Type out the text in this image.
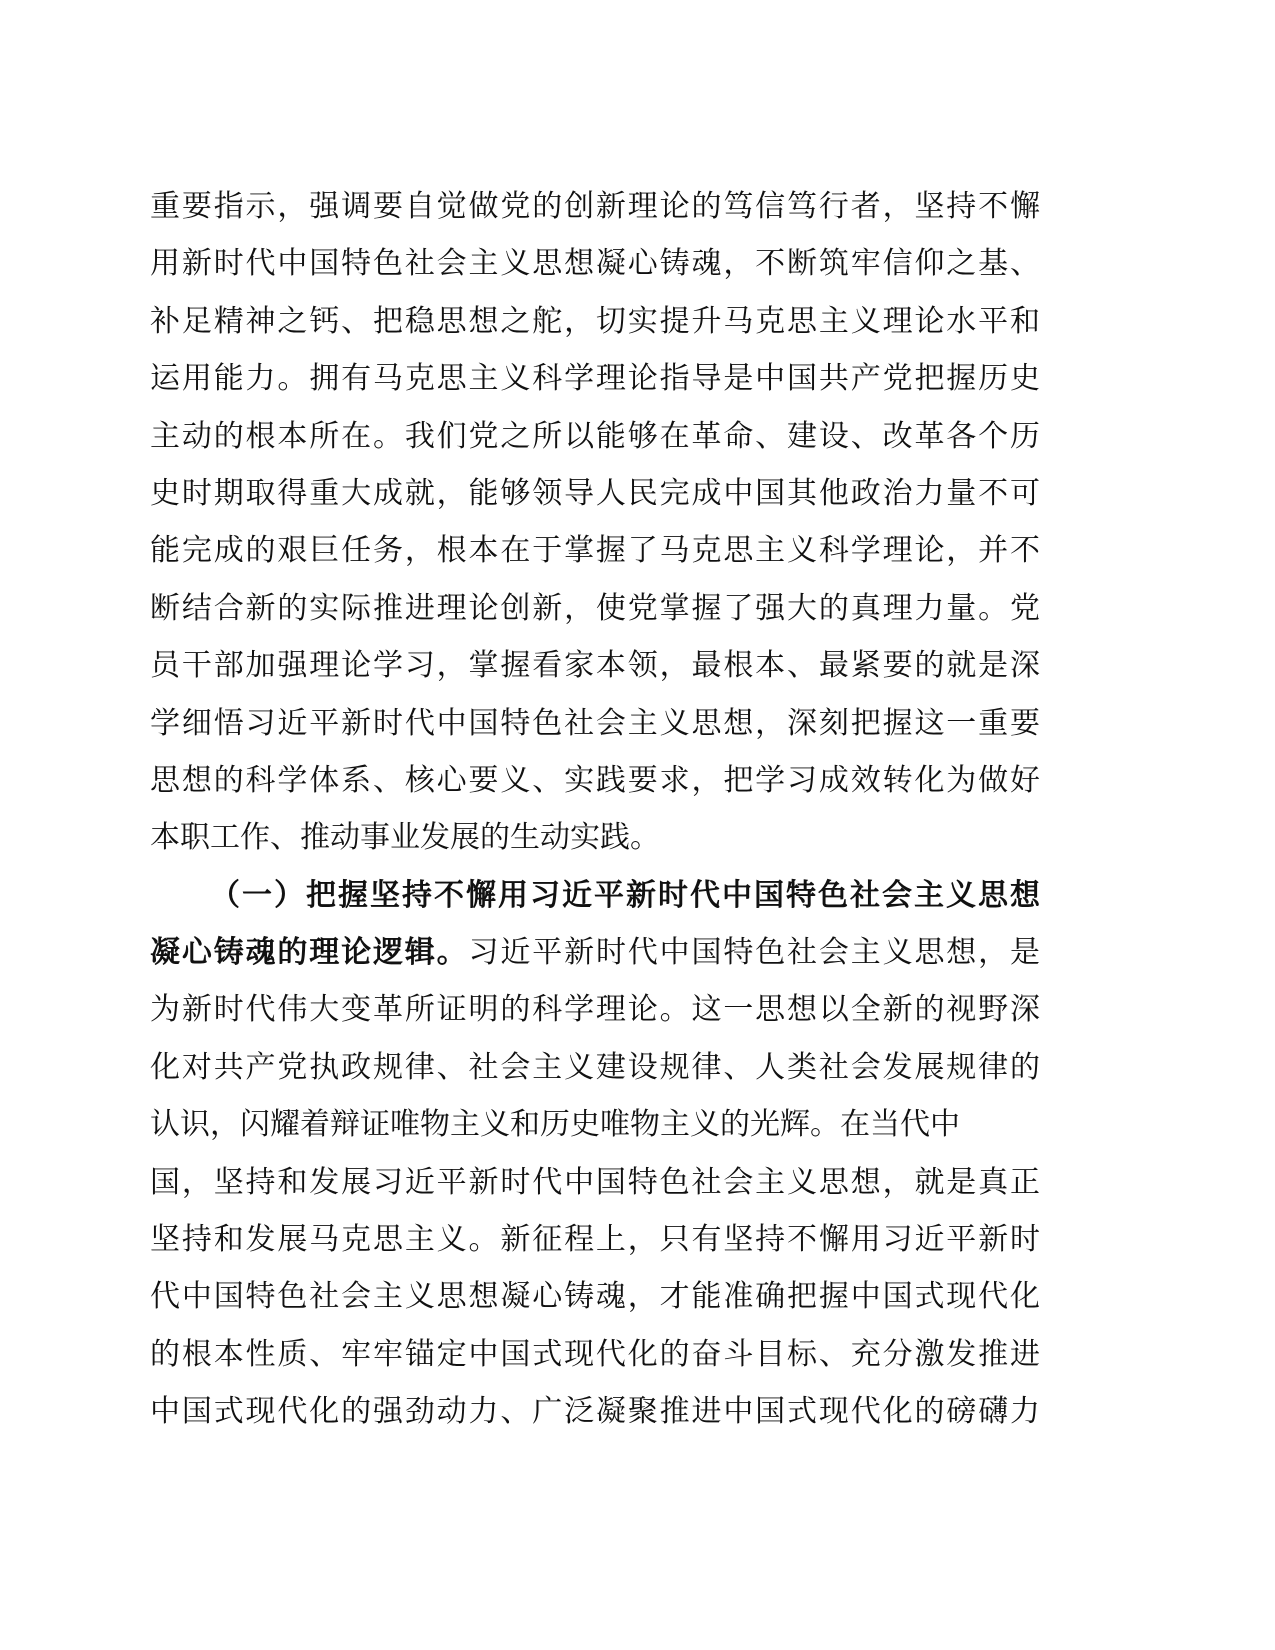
重要指示，强调要自觉做党的创新理论的笃信笃行者，坚持不懈
用新时代中国特色社会主义思想凝心铸魂，不断筑牢信仰之基、
补足精神之钙、把稳思想之舵，切实提升马克思主义理论水平和
运用能力。拥有马克思主义科学理论指导是中国共产党把握历史
主动的根本所在。我们党之所以能够在革命、建设、改革各个历
史时期取得重大成就，能够领导人民完成中国其他政治力量不可
能完成的艰巨任务，根本在于掌握了马克思主义科学理论，并不
断结合新的实际推进理论创新，使党掌握了强大的真理力量。党
员干部加强理论学习，掌握看家本领，最根本、最紧要的就是深
学细悟习近平新时代中国特色社会主义思想，深刻把握这一重要
思想的科学体系、核心要义、实践要求，把学习成效转化为做好
本职工作、推动事业发展的生动实践。
（一）把握坚持不懈用习近平新时代中国特色社会主义思想
凝心铸魂的理论逻辑。习近平新时代中国特色社会主义思想，是
为新时代伟大变革所证明的科学理论。这一思想以全新的视野深
化对共产党执政规律、社会主义建设规律、人类社会发展规律的
认识，闪耀着辩证唯物主义和历史唯物主义的光辉。在当代中
国，坚持和发展习近平新时代中国特色社会主义思想，就是真正
坚持和发展马克思主义。新征程上，只有坚持不懈用习近平新时
代中国特色社会主义思想凝心铸魂，才能准确把握中国式现代化
的根本性质、牢牢锚定中国式现代化的奋斗目标、充分激发推进
中国式现代化的强劲动力、广泛凝聚推进中国式现代化的磅礴力
